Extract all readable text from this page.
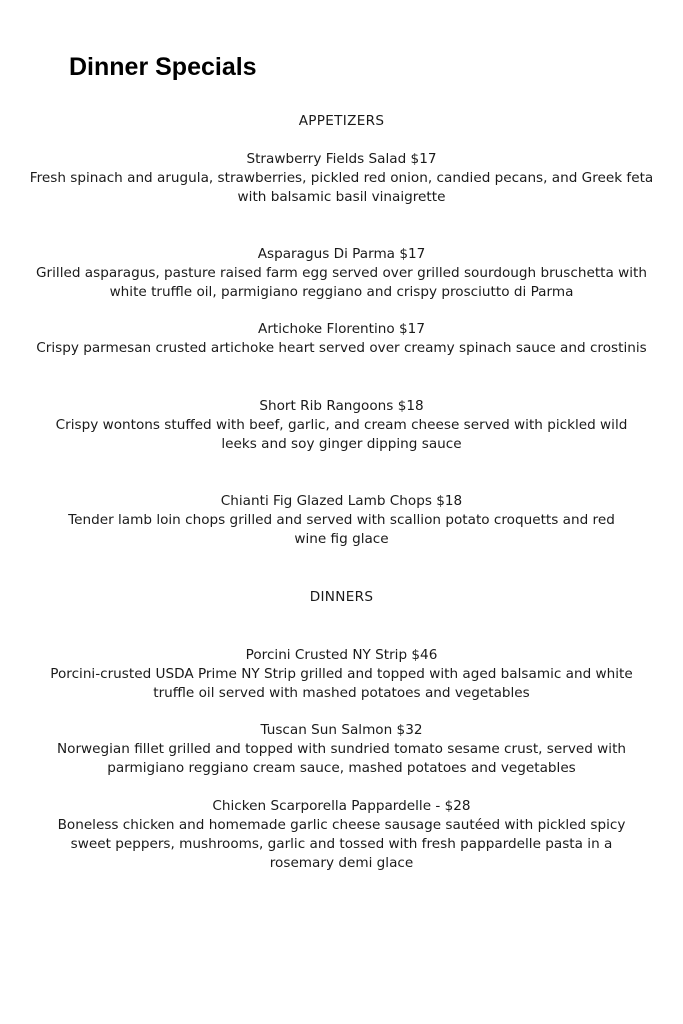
Dinner Specials
APPETIZERS
Strawberry Fields Salad $17
Fresh spinach and arugula, strawberries, pickled red onion, candied pecans, and Greek feta with balsamic basil vinaigrette
Asparagus Di Parma $17
Grilled asparagus, pasture raised farm egg served over grilled sourdough bruschetta with white truffle oil, parmigiano reggiano and crispy prosciutto di Parma
Artichoke Florentino $17
Crispy parmesan crusted artichoke heart served over creamy spinach sauce and crostinis
Short Rib Rangoons $18
Crispy wontons stuffed with beef, garlic, and cream cheese served with pickled wild leeks and soy ginger dipping sauce
Chianti Fig Glazed Lamb Chops $18
Tender lamb loin chops grilled and served with scallion potato croquetts and red wine fig glace
DINNERS
Porcini Crusted NY Strip $46
Porcini-crusted USDA Prime NY Strip grilled and topped with aged balsamic and white truffle oil served with mashed potatoes and vegetables
Tuscan Sun Salmon $32
Norwegian fillet grilled and topped with sundried tomato sesame crust, served with parmigiano reggiano cream sauce, mashed potatoes and vegetables
Chicken Scarporella Pappardelle - $28
Boneless chicken and homemade garlic cheese sausage sautéed with pickled spicy sweet peppers, mushrooms, garlic and tossed with fresh pappardelle pasta in a rosemary demi glace
